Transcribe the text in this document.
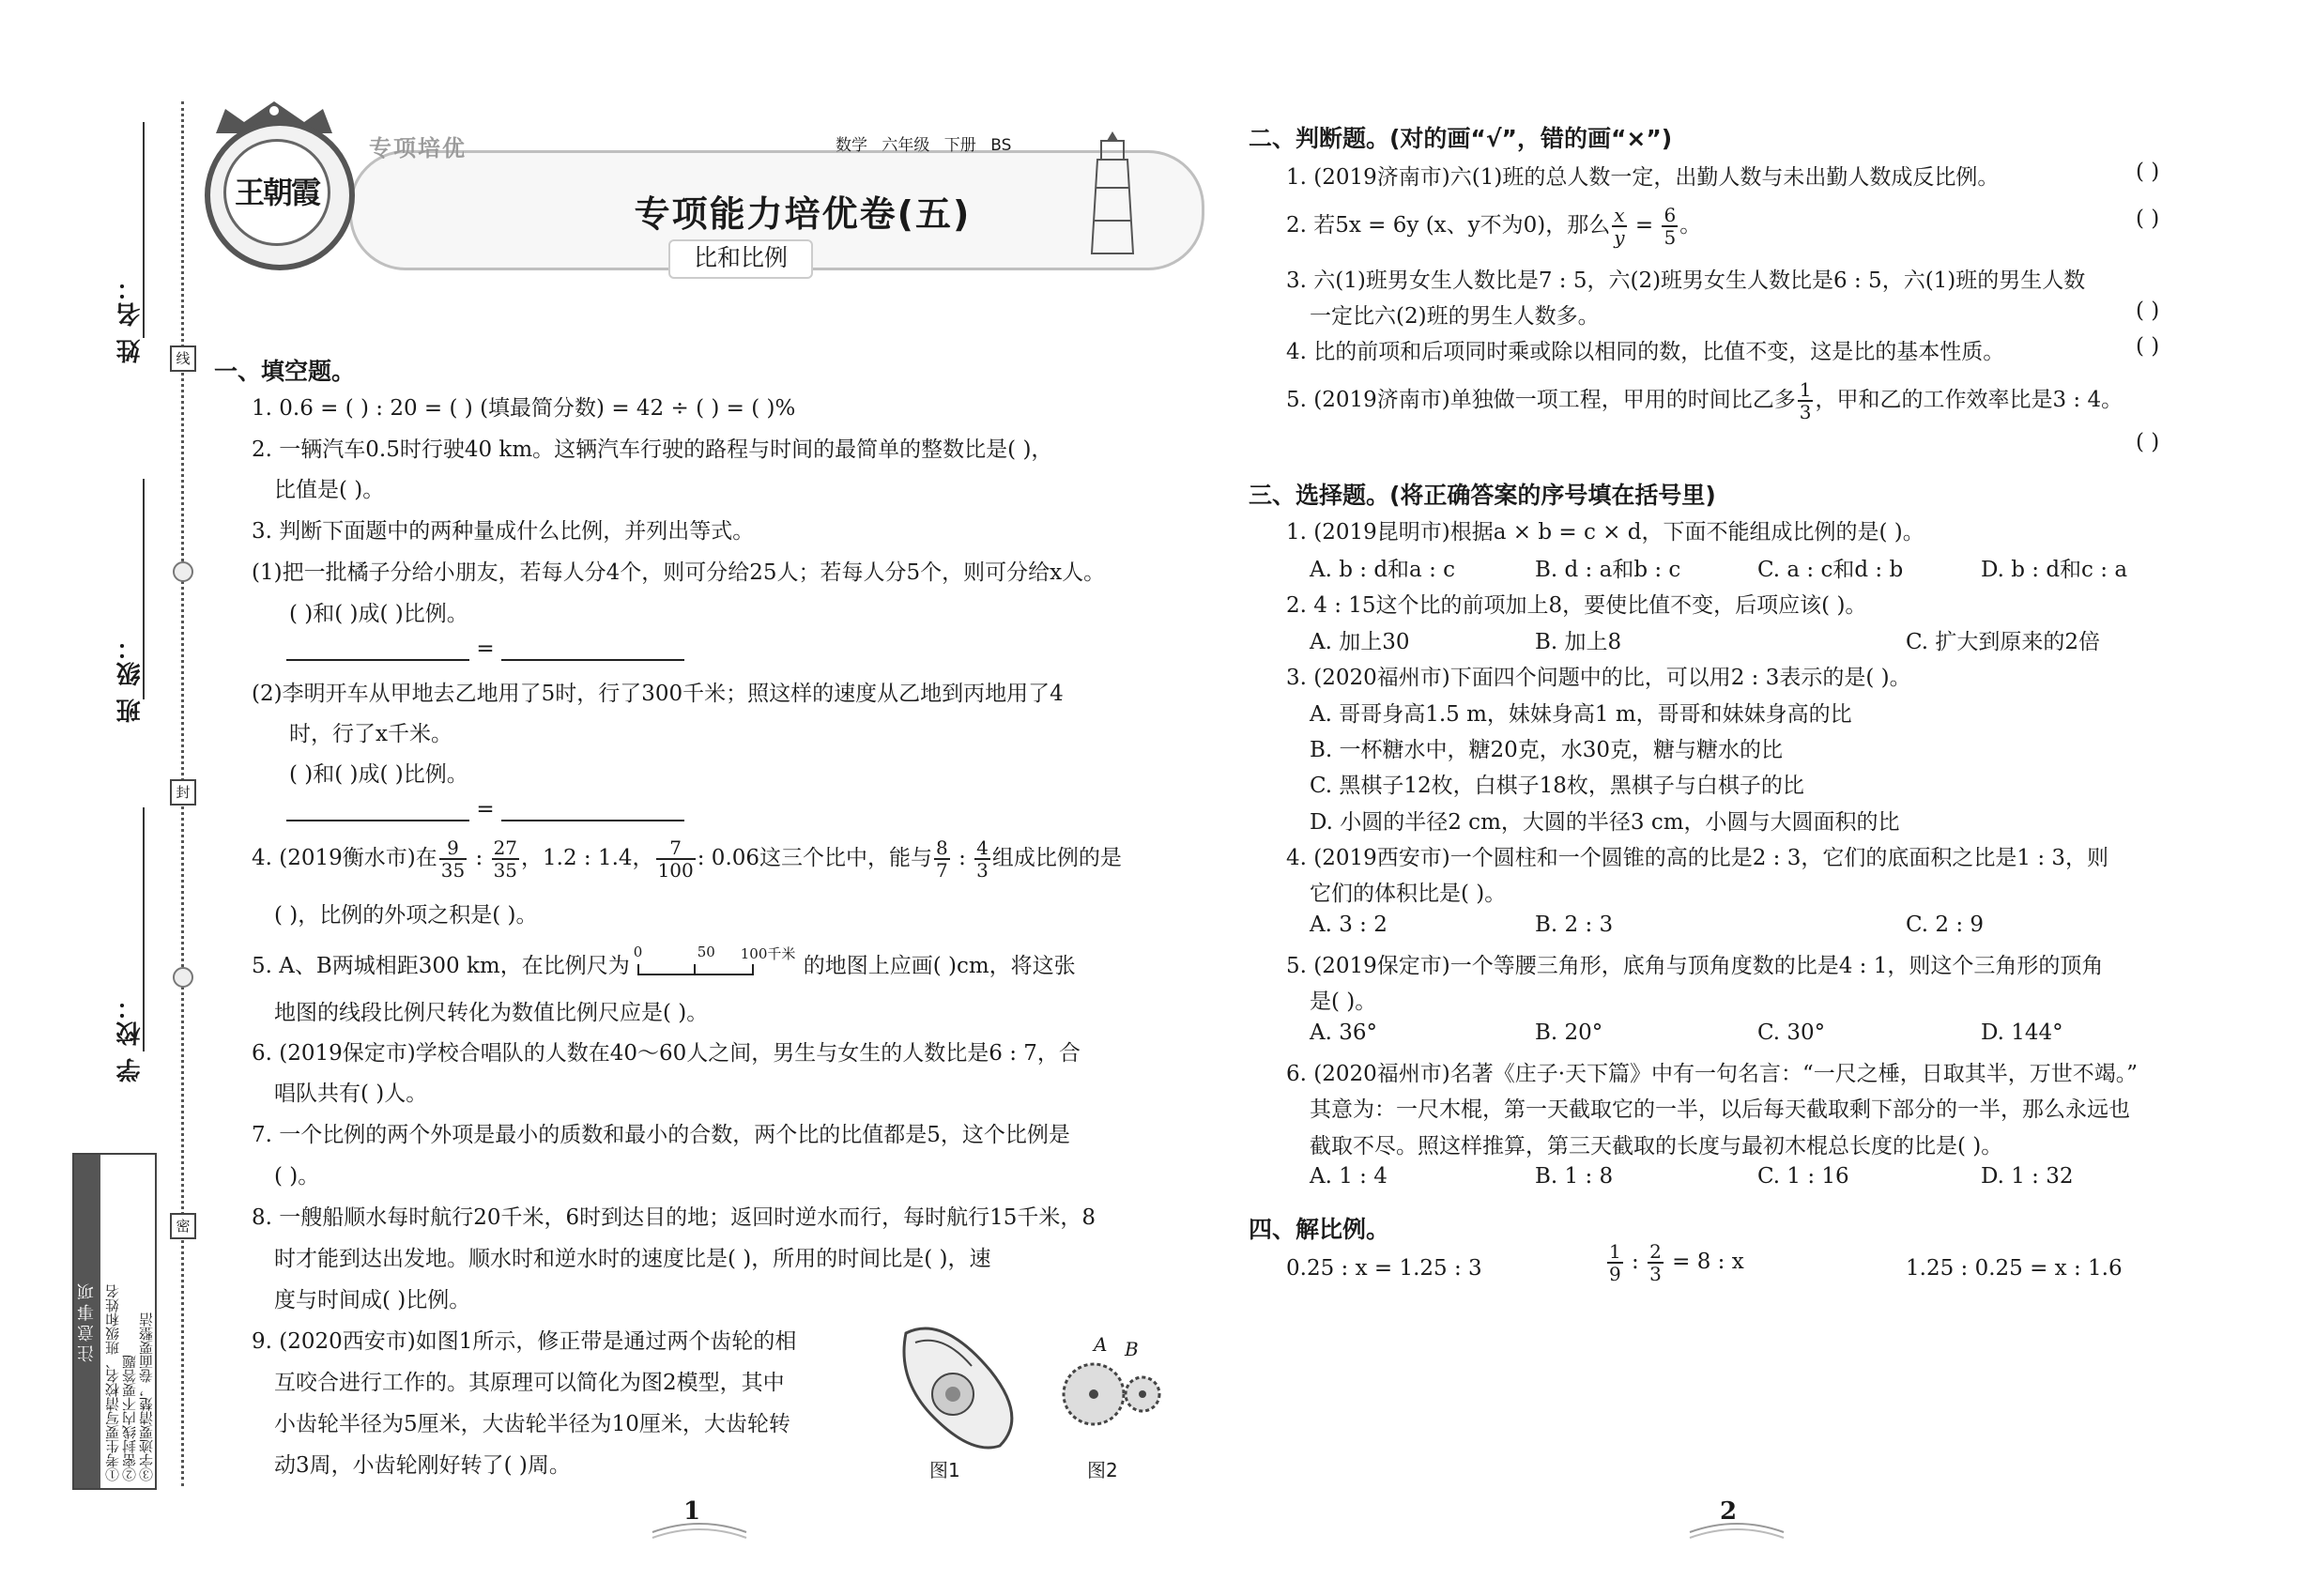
姓 名：
班 级：
学 校：
线
封
密
注意事项 ①考生要写清校名、班级和姓名 ②密封线内不要答题 ③字迹要清楚，卷面要整洁
王朝霞
专项培优	数学 六年级 下册 BS
专项能力培优卷(五)
比和比例
一、填空题。
1. 0.6 = ( ) : 20 = ( ) (填最简分数) = 42 ÷ ( ) = ( )%
2. 一辆汽车0.5时行驶40 km。这辆汽车行驶的路程与时间的最简单的整数比是( )，
比值是( )。
3. 判断下面题中的两种量成什么比例，并列出等式。
(1)把一批橘子分给小朋友，若每人分4个，则可分给25人；若每人分5个，则可分给x人。
( )和( )成( )比例。
=
(2)李明开车从甲地去乙地用了5时，行了300千米；照这样的速度从乙地到丙地用了4
时，行了x千米。
( )和( )成( )比例。
=
4. (2019衡水市)在 $\frac{9}{35}$ : $\frac{27}{35}$ ，1.2 : 1.4， $\frac{7}{100}$ : 0.06这三个比中，能与 $\frac{8}{7}$ : $\frac{4}{3}$ 组成比例的是
( )，比例的外项之积是( )。
5. A、B两城相距300 km，在比例尺为
0	50 100千米 的地图上应画( )cm，将这张
地图的线段比例尺转化为数值比例尺应是( )。
6. (2019保定市)学校合唱队的人数在40～60人之间，男生与女生的人数比是6 : 7，合
唱队共有( )人。
7. 一个比例的两个外项是最小的质数和最小的合数，两个比的比值都是5，这个比例是
( )。
8. 一艘船顺水每时航行20千米，6时到达目的地；返回时逆水而行，每时航行15千米，8
时才能到达出发地。顺水时和逆水时的速度比是( )，所用的时间比是( )，速
度与时间成( )比例。
9. (2020西安市)如图1所示，修正带是通过两个齿轮的相
互咬合进行工作的。其原理可以简化为图2模型，其中
小齿轮半径为5厘米，大齿轮半径为10厘米，大齿轮转
动3周，小齿轮刚好转了( )周。	图1
A B
图2
1
二、判断题。(对的画“√”，错的画“×”)
1. (2019济南市)六(1)班的总人数一定，出勤人数与未出勤人数成反比例。	( )
2. 若5x = 6y (x、y不为0)，那么 $\frac{x}{y} = \frac{6}{5}$ 。	( )
3. 六(1)班男女生人数比是7 : 5，六(2)班男女生人数比是6 : 5，六(1)班的男生人数
一定比六(2)班的男生人数多。	( )
4. 比的前项和后项同时乘或除以相同的数，比值不变，这是比的基本性质。	( )
5. (2019济南市)单独做一项工程，甲用的时间比乙多 $\frac{1}{3}$ ，甲和乙的工作效率比是3 : 4。
( )
三、选择题。(将正确答案的序号填在括号里)
1. (2019昆明市)根据a × b = c × d，下面不能组成比例的是( )。
A. b : d和a : c	B. d : a和b : c	C. a : c和d : b	D. b : d和c : a
2. 4 : 15这个比的前项加上8，要使比值不变，后项应该( )。
A. 加上30	B. 加上8	C. 扩大到原来的2倍
3. (2020福州市)下面四个问题中的比，可以用2 : 3表示的是( )。
A. 哥哥身高1.5 m，妹妹身高1 m，哥哥和妹妹身高的比
B. 一杯糖水中，糖20克，水30克，糖与糖水的比
C. 黑棋子12枚，白棋子18枚，黑棋子与白棋子的比
D. 小圆的半径2 cm，大圆的半径3 cm，小圆与大圆面积的比
4. (2019西安市)一个圆柱和一个圆锥的高的比是2 : 3，它们的底面积之比是1 : 3，则
它们的体积比是( )。
A. 3 : 2	B. 2 : 3	C. 2 : 9
5. (2019保定市)一个等腰三角形，底角与顶角度数的比是4 : 1，则这个三角形的顶角
是( )。
A. 36°	B. 20°	C. 30°	D. 144°
6. (2020福州市)名著《庄子·天下篇》中有一句名言：“一尺之棰，日取其半，万世不竭。”
其意为：一尺木棍，第一天截取它的一半，以后每天截取剩下部分的一半，那么永远也
截取不尽。照这样推算，第三天截取的长度与最初木棍总长度的比是( )。
A. 1 : 4	B. 1 : 8	C. 1 : 16	D. 1 : 32
四、解比例。
0.25 : x = 1.25 : 3	$\frac{1}{9}$ : $\frac{2}{3} = 8$ : x	1.25 : 0.25 = x : 1.6
2
